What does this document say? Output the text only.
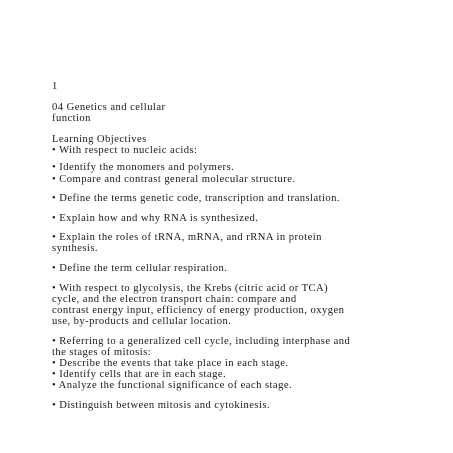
1
04 Genetics and cellular
function
Learning Objectives
• With respect to nucleic acids:
• Identify the monomers and polymers.
• Compare and contrast general molecular structure.
• Define the terms genetic code, transcription and translation.
• Explain how and why RNA is synthesized.
• Explain the roles of tRNA, mRNA, and rRNA in protein
synthesis.
• Define the term cellular respiration.
• With respect to glycolysis, the Krebs (citric acid or TCA)
cycle, and the electron transport chain: compare and
contrast energy input, efficiency of energy production, oxygen
use, by-products and cellular location.
• Referring to a generalized cell cycle, including interphase and
the stages of mitosis:
• Describe the events that take place in each stage.
• Identify cells that are in each stage.
• Analyze the functional significance of each stage.
• Distinguish between mitosis and cytokinesis.
